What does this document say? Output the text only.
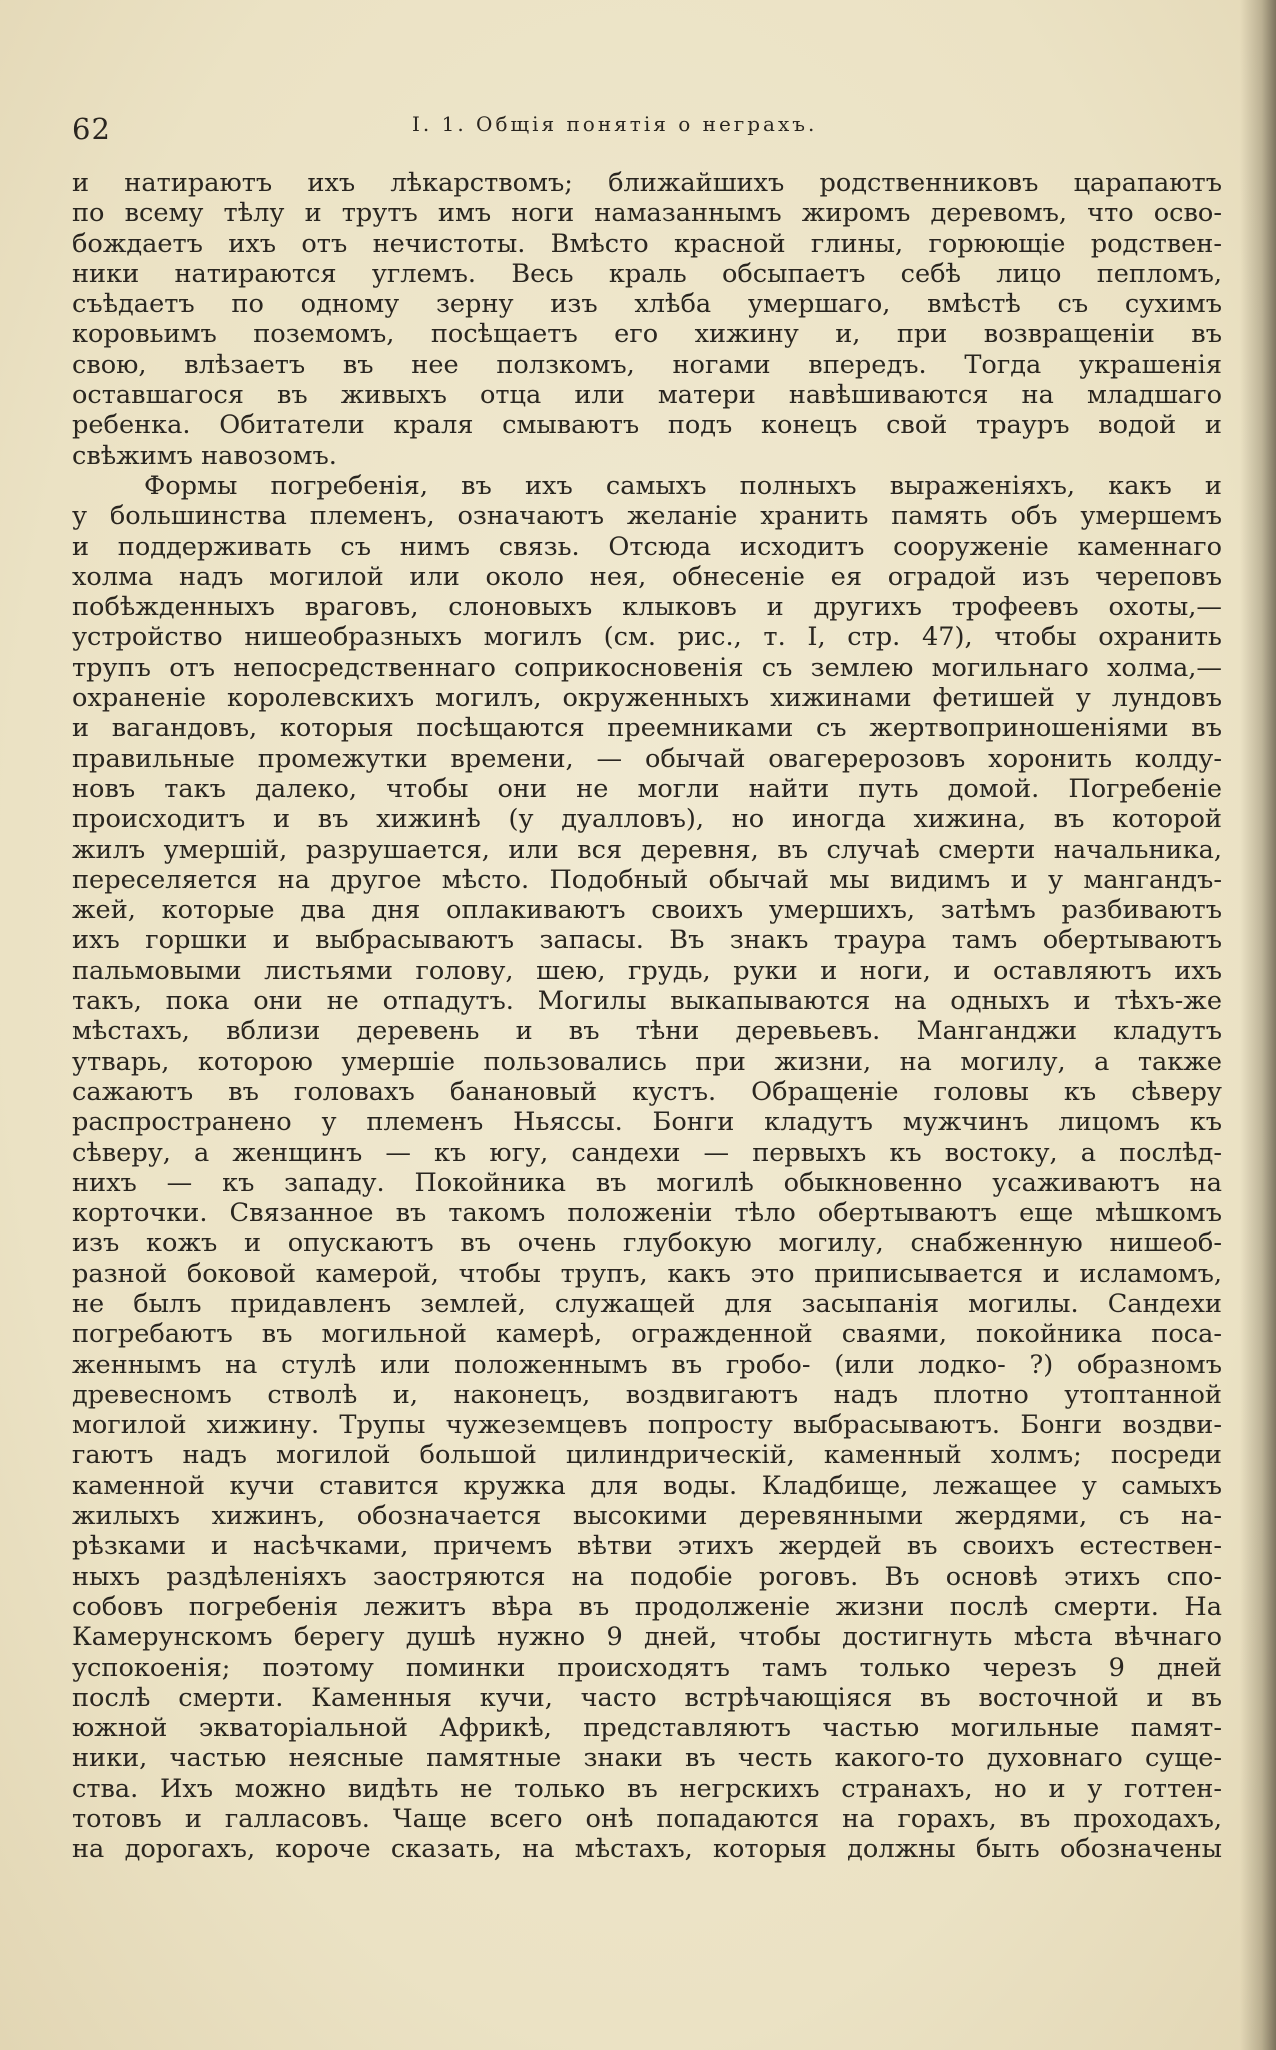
62	I. 1. Общія понятія о неграхъ.
и натираютъ ихъ лѣкарствомъ; ближайшихъ родственниковъ царапаютъ
по всему тѣлу и трутъ имъ ноги намазаннымъ жиромъ деревомъ, что осво-
бождаетъ ихъ отъ нечистоты. Вмѣсто красной глины, горюющіе родствен-
ники натираются углемъ. Весь краль обсыпаетъ себѣ лицо пепломъ,
съѣдаетъ по одному зерну изъ хлѣба умершаго, вмѣстѣ съ сухимъ
коровьимъ поземомъ, посѣщаетъ его хижину и, при возвращеніи въ
свою, влѣзаетъ въ нее ползкомъ, ногами впередъ. Тогда украшенія
оставшагося въ живыхъ отца или матери навѣшиваются на младшаго
ребенка. Обитатели краля смываютъ подъ конецъ свой трауръ водой и
свѣжимъ навозомъ.
Формы погребенія, въ ихъ самыхъ полныхъ выраженіяхъ, какъ и
у большинства племенъ, означаютъ желаніе хранить память объ умершемъ
и поддерживать съ нимъ связь. Отсюда исходитъ сооруженіе каменнаго
холма надъ могилой или около нея, обнесеніе ея оградой изъ череповъ
побѣжденныхъ враговъ, слоновыхъ клыковъ и другихъ трофеевъ охоты,—
устройство нишеобразныхъ могилъ (см. рис., т. I, стр. 47), чтобы охранить
трупъ отъ непосредственнаго соприкосновенія съ землею могильнаго холма,—
охраненіе королевскихъ могилъ, окруженныхъ хижинами фетишей у лундовъ
и вагандовъ, которыя посѣщаются преемниками съ жертвоприношеніями въ
правильные промежутки времени, — обычай овагерерозовъ хоронить колду-
новъ такъ далеко, чтобы они не могли найти путь домой. Погребеніе
происходитъ и въ хижинѣ (у дуалловъ), но иногда хижина, въ которой
жилъ умершій, разрушается, или вся деревня, въ случаѣ смерти начальника,
переселяется на другое мѣсто. Подобный обычай мы видимъ и у мангандъ-
жей, которые два дня оплакиваютъ своихъ умершихъ, затѣмъ разбиваютъ
ихъ горшки и выбрасываютъ запасы. Въ знакъ траура тамъ обертываютъ
пальмовыми листьями голову, шею, грудь, руки и ноги, и оставляютъ ихъ
такъ, пока они не отпадутъ. Могилы выкапываются на одныхъ и тѣхъ-же
мѣстахъ, вблизи деревень и въ тѣни деревьевъ. Манганджи кладутъ
утварь, которою умершіе пользовались при жизни, на могилу, а также
сажаютъ въ головахъ банановый кустъ. Обращеніе головы къ сѣверу
распространено у племенъ Ньяссы. Бонги кладутъ мужчинъ лицомъ къ
сѣверу, а женщинъ — къ югу, сандехи — первыхъ къ востоку, а послѣд-
нихъ — къ западу. Покойника въ могилѣ обыкновенно усаживаютъ на
корточки. Связанное въ такомъ положеніи тѣло обертываютъ еще мѣшкомъ
изъ кожъ и опускаютъ въ очень глубокую могилу, снабженную нишеоб-
разной боковой камерой, чтобы трупъ, какъ это приписывается и исламомъ,
не былъ придавленъ землей, служащей для засыпанія могилы. Сандехи
погребаютъ въ могильной камерѣ, огражденной сваями, покойника поса-
женнымъ на стулѣ или положеннымъ въ гробо- (или лодко- ?) образномъ
древесномъ стволѣ и, наконецъ, воздвигаютъ надъ плотно утоптанной
могилой хижину. Трупы чужеземцевъ попросту выбрасываютъ. Бонги воздви-
гаютъ надъ могилой большой цилиндрическій, каменный холмъ; посреди
каменной кучи ставится кружка для воды. Кладбище, лежащее у самыхъ
жилыхъ хижинъ, обозначается высокими деревянными жердями, съ на-
рѣзками и насѣчками, причемъ вѣтви этихъ жердей въ своихъ естествен-
ныхъ раздѣленіяхъ заостряются на подобіе роговъ. Въ основѣ этихъ спо-
собовъ погребенія лежитъ вѣра въ продолженіе жизни послѣ смерти. На
Камерунскомъ берегу душѣ нужно 9 дней, чтобы достигнуть мѣста вѣчнаго
успокоенія; поэтому поминки происходятъ тамъ только черезъ 9 дней
послѣ смерти. Каменныя кучи, часто встрѣчающіяся въ восточной и въ
южной экваторіальной Африкѣ, представляютъ частью могильные памят-
ники, частью неясные памятные знаки въ честь какого-то духовнаго суще-
ства. Ихъ можно видѣть не только въ негрскихъ странахъ, но и у готтен-
тотовъ и галласовъ. Чаще всего онѣ попадаются на горахъ, въ проходахъ,
на дорогахъ, короче сказать, на мѣстахъ, которыя должны быть обозначены
